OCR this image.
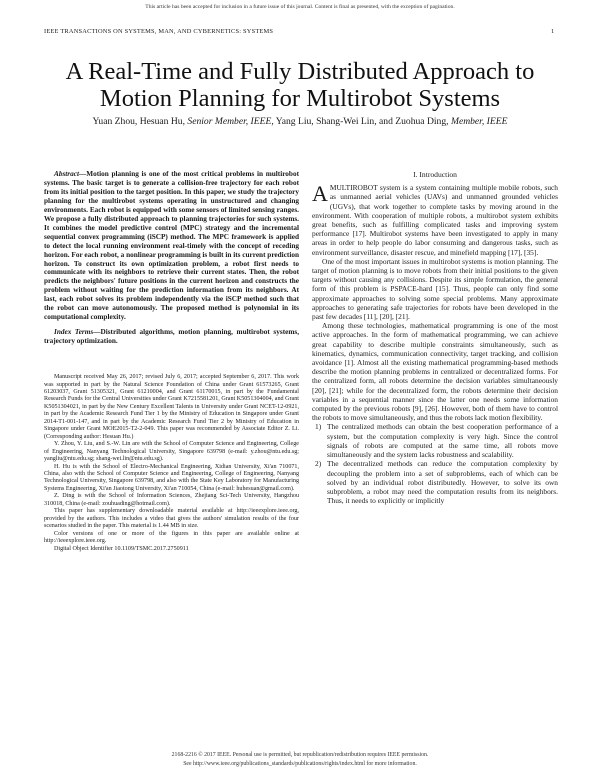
This article has been accepted for inclusion in a future issue of this journal. Content is final as presented, with the exception of pagination.
IEEE TRANSACTIONS ON SYSTEMS, MAN, AND CYBERNETICS: SYSTEMS	1
A Real-Time and Fully Distributed Approach to Motion Planning for Multirobot Systems
Yuan Zhou, Hesuan Hu, Senior Member, IEEE, Yang Liu, Shang-Wei Lin, and Zuohua Ding, Member, IEEE

Abstract—Motion planning is one of the most critical problems in multirobot systems. The basic target is to generate a collision-free trajectory for each robot from its initial position to the target position. In this paper, we study the trajectory planning for the multirobot systems operating in unstructured and changing environments. Each robot is equipped with some sensors of limited sensing ranges. We propose a fully distributed approach to planning trajectories for such systems. It combines the model predictive control (MPC) strategy and the incremental sequential convex programming (iSCP) method. The MPC framework is applied to detect the local running environment real-timely with the concept of receding horizon. For each robot, a nonlinear programming is built in its current prediction horizon. To construct its own optimization problem, a robot first needs to communicate with its neighbors to retrieve their current states. Then, the robot predicts the neighbors' future positions in the current horizon and constructs the problem without waiting for the prediction information from its neighbors. At last, each robot solves its problem independently via the iSCP method such that the robot can move autonomously. The proposed method is polynomial in its computational complexity.

Index Terms—Distributed algorithms, motion planning, multirobot systems, trajectory optimization.

Manuscript received May 26, 2017; revised July 6, 2017; accepted September 6, 2017. This work was supported in part by the Natural Science Foundation of China under Grant 61573265, Grant 61203037, Grant 51305321, Grant 61210004, and Grant 61170015, in part by the Fundamental Research Funds for the Central Universities under Grant K7215581201, Grant K5051304004, and Grant K5051304021, in part by the New Century Excellent Talents in University under Grant NCET-12-0921, in part by the Academic Research Fund Tier 1 by the Ministry of Education in Singapore under Grant 2014-T1-001-147, and in part by the Academic Research Fund Tier 2 by Ministry of Education in Singapore under Grant MOE2015-T2-2-049. This paper was recommended by Associate Editor Z. Li. (Corresponding author: Hesuan Hu.)

Y. Zhou, Y. Liu, and S.-W. Lin are with the School of Computer Science and Engineering, College of Engineering, Nanyang Technological University, Singapore 639798 (e-mail: y.zhou@ntu.edu.sg; yangliu@ntu.edu.sg; shang-wei.lin@ntu.edu.sg).

H. Hu is with the School of Electro-Mechanical Engineering, Xidian University, Xi'an 710071, China, also with the School of Computer Science and Engineering, College of Engineering, Nanyang Technological University, Singapore 639798, and also with the State Key Laboratory for Manufacturing Systems Engineering, Xi'an Jiaotong University, Xi'an 710054, China (e-mail: huhesuan@gmail.com).

Z. Ding is with the School of Information Sciences, Zhejiang Sci-Tech University, Hangzhou 310018, China (e-mail: zouhuading@hotmail.com).

This paper has supplementary downloadable material available at http://ieeexplore.ieee.org, provided by the authors. This includes a video that gives the authors' simulation results of the four scenarios studied in the paper. This material is 1.44 MB in size.

Color versions of one or more of the figures in this paper are available online at http://ieeexplore.ieee.org.

Digital Object Identifier 10.1109/TSMC.2017.2750911

I. Introduction

AMULTIROBOT system is a system containing multiple mobile robots, such as unmanned aerial vehicles (UAVs) and unmanned grounded vehicles (UGVs), that work together to complete tasks by moving around in the environment. With cooperation of multiple robots, a multirobot system exhibits great benefits, such as fulfilling complicated tasks and improving system performance [17]. Multirobot systems have been investigated to apply in many areas in order to help people do labor consuming and dangerous tasks, such as environment surveillance, disaster rescue, and minefield mapping [17], [35].

One of the most important issues in multirobot systems is motion planning. The target of motion planning is to move robots from their initial positions to the given targets without causing any collisions. Despite its simple formulation, the general form of this problem is PSPACE-hard [15]. Thus, people can only find some approximate approaches to solving some special problems. Many approximate approaches to generating safe trajectories for robots have been developed in the past few decades [11], [20], [21].

Among these technologies, mathematical programming is one of the most active approaches. In the form of mathematical programming, we can achieve great capability to describe multiple constraints simultaneously, such as kinematics, dynamics, communication connectivity, target tracking, and collision avoidance [1]. Almost all the existing mathematical programming-based methods describe the motion planning problems in centralized or decentralized forms. For the centralized form, all robots determine the decision variables simultaneously [20], [21]; while for the decentralized form, the robots determine their decision variables in a sequential manner since the latter one needs some information computed by the previous robots [9], [26]. However, both of them have to control the robots to move simultaneously, and thus the robots lack motion flexibility.

1) The centralized methods can obtain the best cooperation performance of a system, but the computation complexity is very high. Since the control signals of robots are computed at the same time, all robots move simultaneously and the system lacks robustness and scalability.
2) The decentralized methods can reduce the computation complexity by decoupling the problem into a set of subproblems, each of which can be solved by an individual robot distributedly. However, to solve its own subproblem, a robot may need the computation results from its neighbors. Thus, it needs to explicitly or implicitly
2168-2216 © 2017 IEEE. Personal use is permitted, but republication/redistribution requires IEEE permission.
See http://www.ieee.org/publications_standards/publications/rights/index.html for more information.
